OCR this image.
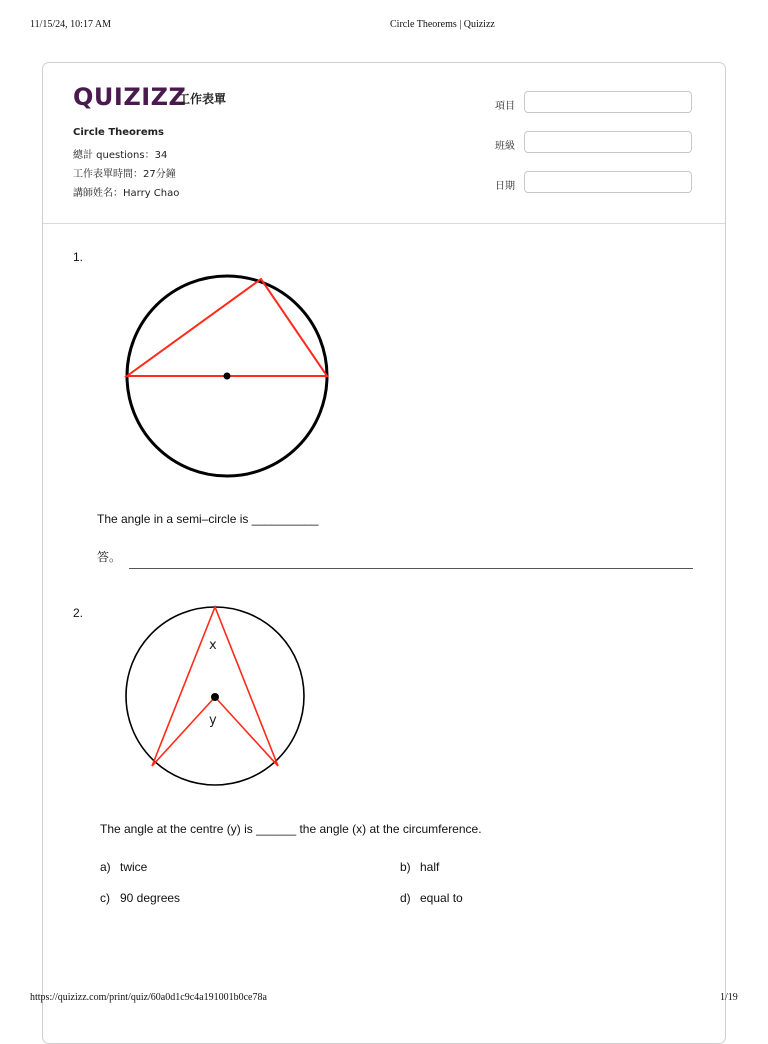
11/15/24, 10:17 AM	Circle Theorems | Quizizz
QUIZIZZ
工作表單
Circle Theorems
總計 questions：34
工作表單時間：27分鐘
講師姓名：Harry Chao
項目
班級
日期
1.
The angle in a semi–circle is __________
答。
2.
x
y
The angle at the centre (y) is ______ the angle (x) at the circumference.
a) twice	b) half
c) 90 degrees	d) equal to
https://quizizz.com/print/quiz/60a0d1c9c4a191001b0ce78a	1/19
